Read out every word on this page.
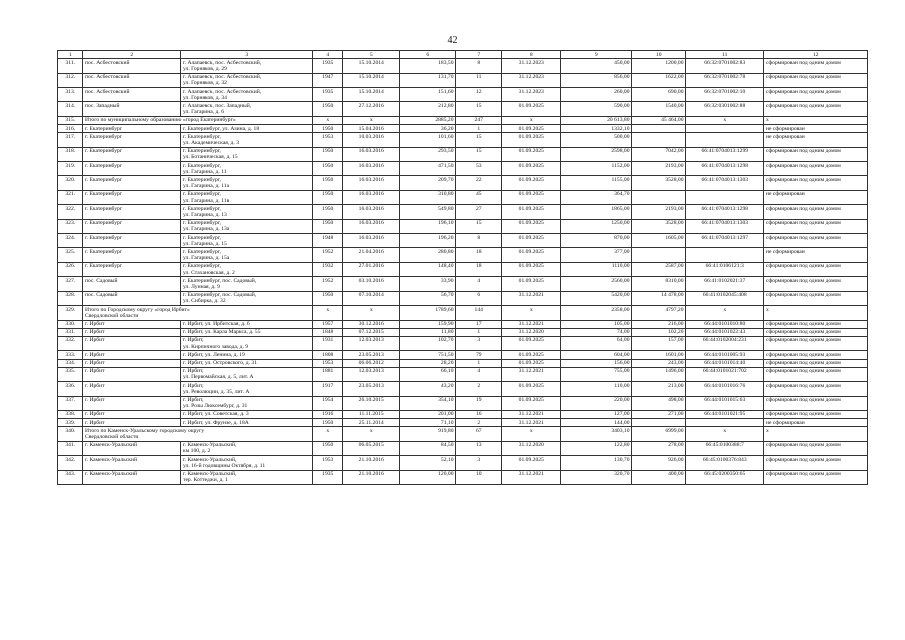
42
1	2	3	4	5	6	7	8	9	10	11	12
311.	пос. Асбестовский	г. Алапаевск, пос. Асбестовский,
ул. Горняков, д. 29	1935	15.10.2014	183,50	8	31.12.2023	450,00	1200,00	66:32:0701002:83	сформирован под одним домом
312.	пос. Асбестовский	г. Алапаевск, пос. Асбестовский,
ул. Горняков, д. 32	1947	15.10.2014	131,70	11	31.12.2023	856,00	1622,00	66:32:0701002:78	сформирован под одним домом
313.	пос. Асбестовский	г. Алапаевск, пос. Асбестовский,
ул. Горняков, д. 34	1935	15.10.2014	151,60	12	31.12.2023	260,00	690,00	66:32:0701002:10	сформирован под одним домом
314.	пос. Западный	г. Алапаевск, пос. Западный,
ул. Гагарина, д. 6	1950	27.12.2016	212,80	15	01.09.2025	590,00	1540,00	66:32:0301002:88	сформирован под одним домом
315.	Итого по муниципальному образованию «город Екатеринбург»		x	x	2885,20	247	x	20 613,80	45 464,00	x	x
316.	г. Екатеринбург	г. Екатеринбург, ул. Азина, д. 18	1950	15.04.2016	36,20	1	01.09.2025	1332,10			не сформирован
317.	г. Екатеринбург	г. Екатеринбург,
ул. Академическая, д. 3	1953	10.03.2016	101,60	15	01.09.2025	500,00			не сформирован
318.	г. Екатеринбург	г. Екатеринбург,
ул. Ботаническая, д. 15	1950	16.03.2016	293,50	15	01.09.2025	2598,00	7042,00	66:41:0704013:1299	сформирован под одним домом
319.	г. Екатеринбург	г. Екатеринбург,
ул. Гагарина, д. 11	1950	16.03.2016	471,50	53	01.09.2025	1152,00	2193,00	66:41:0704013:1298	сформирован под одним домом
320.	г. Екатеринбург	г. Екатеринбург,
ул. Гагарина, д. 11а	1950	16.03.2016	209,70	22	01.09.2025	1155,00	3528,00	66:41:0704013:1303	сформирован под одним домом
321.	г. Екатеринбург	г. Екатеринбург,
ул. Гагарина, д. 11в	1950	16.03.2016	310,80	45	01.09.2025	364,70			не сформирован
322.	г. Екатеринбург	г. Екатеринбург,
ул. Гагарина, д. 13	1950	16.03.2016	549,80	27	01.09.2025	1865,00	2193,00	66:41:0704013:1298	сформирован под одним домом
323.	г. Екатеринбург	г. Екатеринбург,
ул. Гагарина, д. 13а	1950	16.03.2016	196,10	15	01.09.2025	1250,00	3528,00	66:41:0704013:1303	сформирован под одним домом
324.	г. Екатеринбург	г. Екатеринбург,
ул. Гагарина, д. 15	1948	16.03.2016	196,20	8	01.09.2025	870,00	1605,00	66:41:0704013:1297	сформирован под одним домом
325.	г. Екатеринбург	г. Екатеринбург,
ул. Гагарина, д. 15а	1952	21.04.2016	280,80	18	01.09.2025	377,00			не сформирован
326.	г. Екатеринбург	г. Екатеринбург,
ул. Стахановская, д. 2	1932	27.01.2016	148,40	18	01.09.2025	1110,00	2587,00	66:41:0106121:3	сформирован под одним домом
327.	пос. Садовый	г. Екатеринбург, пос. Садовый,
ул. Лунная, д. 9	1952	03.10.2016	33,90	4	01.09.2025	2560,00	8310,00	66:41:0102021:37	сформирован под одним домом
328.	пос. Садовый	г. Екатеринбург, пос. Садовый,
ул. Сибирка, д. 32	1950	07.10.2014	56,70	6	31.12.2021	5420,00	14 478,00	66:41:0102045:408	сформирован под одним домом
329.	Итого по Городскому округу «город Ирбит»
Свердловской области		x	x	1789,60	144	x	2358,00	4797,20	x	x
330.	г. Ирбит	г. Ирбит, ул. Ирбитская, д. 6	1957	30.12.2016	159,90	17	31.12.2021	105,00	216,00	66:44:0101010:80	сформирован под одним домом
331.	г. Ирбит	г. Ирбит, ул. Карла Маркса, д. 55	1848	07.12.2015	11,80	1	31.12.2020	74,00	102,20	66:44:0101022:43	сформирован под одним домом
332.	г. Ирбит	г. Ирбит,
ул. Кирпичного завода, д. 9	1931	12.03.2013	102,70	3	01.09.2025	64,00	157,00	66:44:0102004:231	сформирован под одним домом
333.	г. Ирбит	г. Ирбит, ул. Ленина, д. 19	1808	23.05.2013	751,50	79	01.09.2025	604,00	1601,00	66:44:0101005:93	сформирован под одним домом
334.	г. Ирбит	г. Ирбит, ул. Островского, д. 31	1953	06.06.2012	28,20	1	01.09.2025	156,00	243,00	66:44:0101014:40	сформирован под одним домом
335.	г. Ирбит	г. Ирбит,
ул. Первомайская, д. 5, лит. А	1881	12.03.2013	66,10	4	31.12.2021	755,00	1496,00	66:44:0101021:702	сформирован под одним домом
336.	г. Ирбит	г. Ирбит,
ул. Революции, д. 35, лит. А	1917	23.05.2013	43,20	2	01.09.2025	110,00	213,00	66:44:0101016:76	сформирован под одним домом
337.	г. Ирбит	г. Ирбит,
ул. Розы Люксембург, д. 31	1954	26.10.2015	354,10	19	01.09.2025	220,00	498,00	66:44:0101015:63	сформирован под одним домом
338.	г. Ирбит	г. Ирбит, ул. Советская, д. 3	1916	11.11.2015	201,00	16	31.12.2021	127,00	271,00	66:44:0101021:95	сформирован под одним домом
339.	г. Ирбит	г. Ирбит, ул. Фрунзе, д. 18А	1950	25.11.2014	71,10	2	31.12.2021	144,00			не сформирован
340.	Итого по Каменск-Уральскому городскому округу
Свердловской области		x	x	919,80	67	x	3403,10	6999,00	x	x
341.	г. Каменск-Уральский	г. Каменск-Уральский,
км 100, д. 2	1950	06.05.2015	84,50	13	31.12.2020	122,80	278,00	66:45:0100388:7	сформирован под одним домом
342.	г. Каменск-Уральский	г. Каменск-Уральский,
ул. 16-й годовщины Октября, д. 11	1953	21.10.2016	52,10	3	01.09.2025	130,70	926,00	66:45:0100376:843	сформирован под одним домом
343.	г. Каменск-Уральский	г. Каменск-Уральский,
тер. Коттеджи, д. 1	1935	21.10.2016	120,00	10	31.12.2021	320,70	400,00	66:45:0200350:65	сформирован под одним домом
